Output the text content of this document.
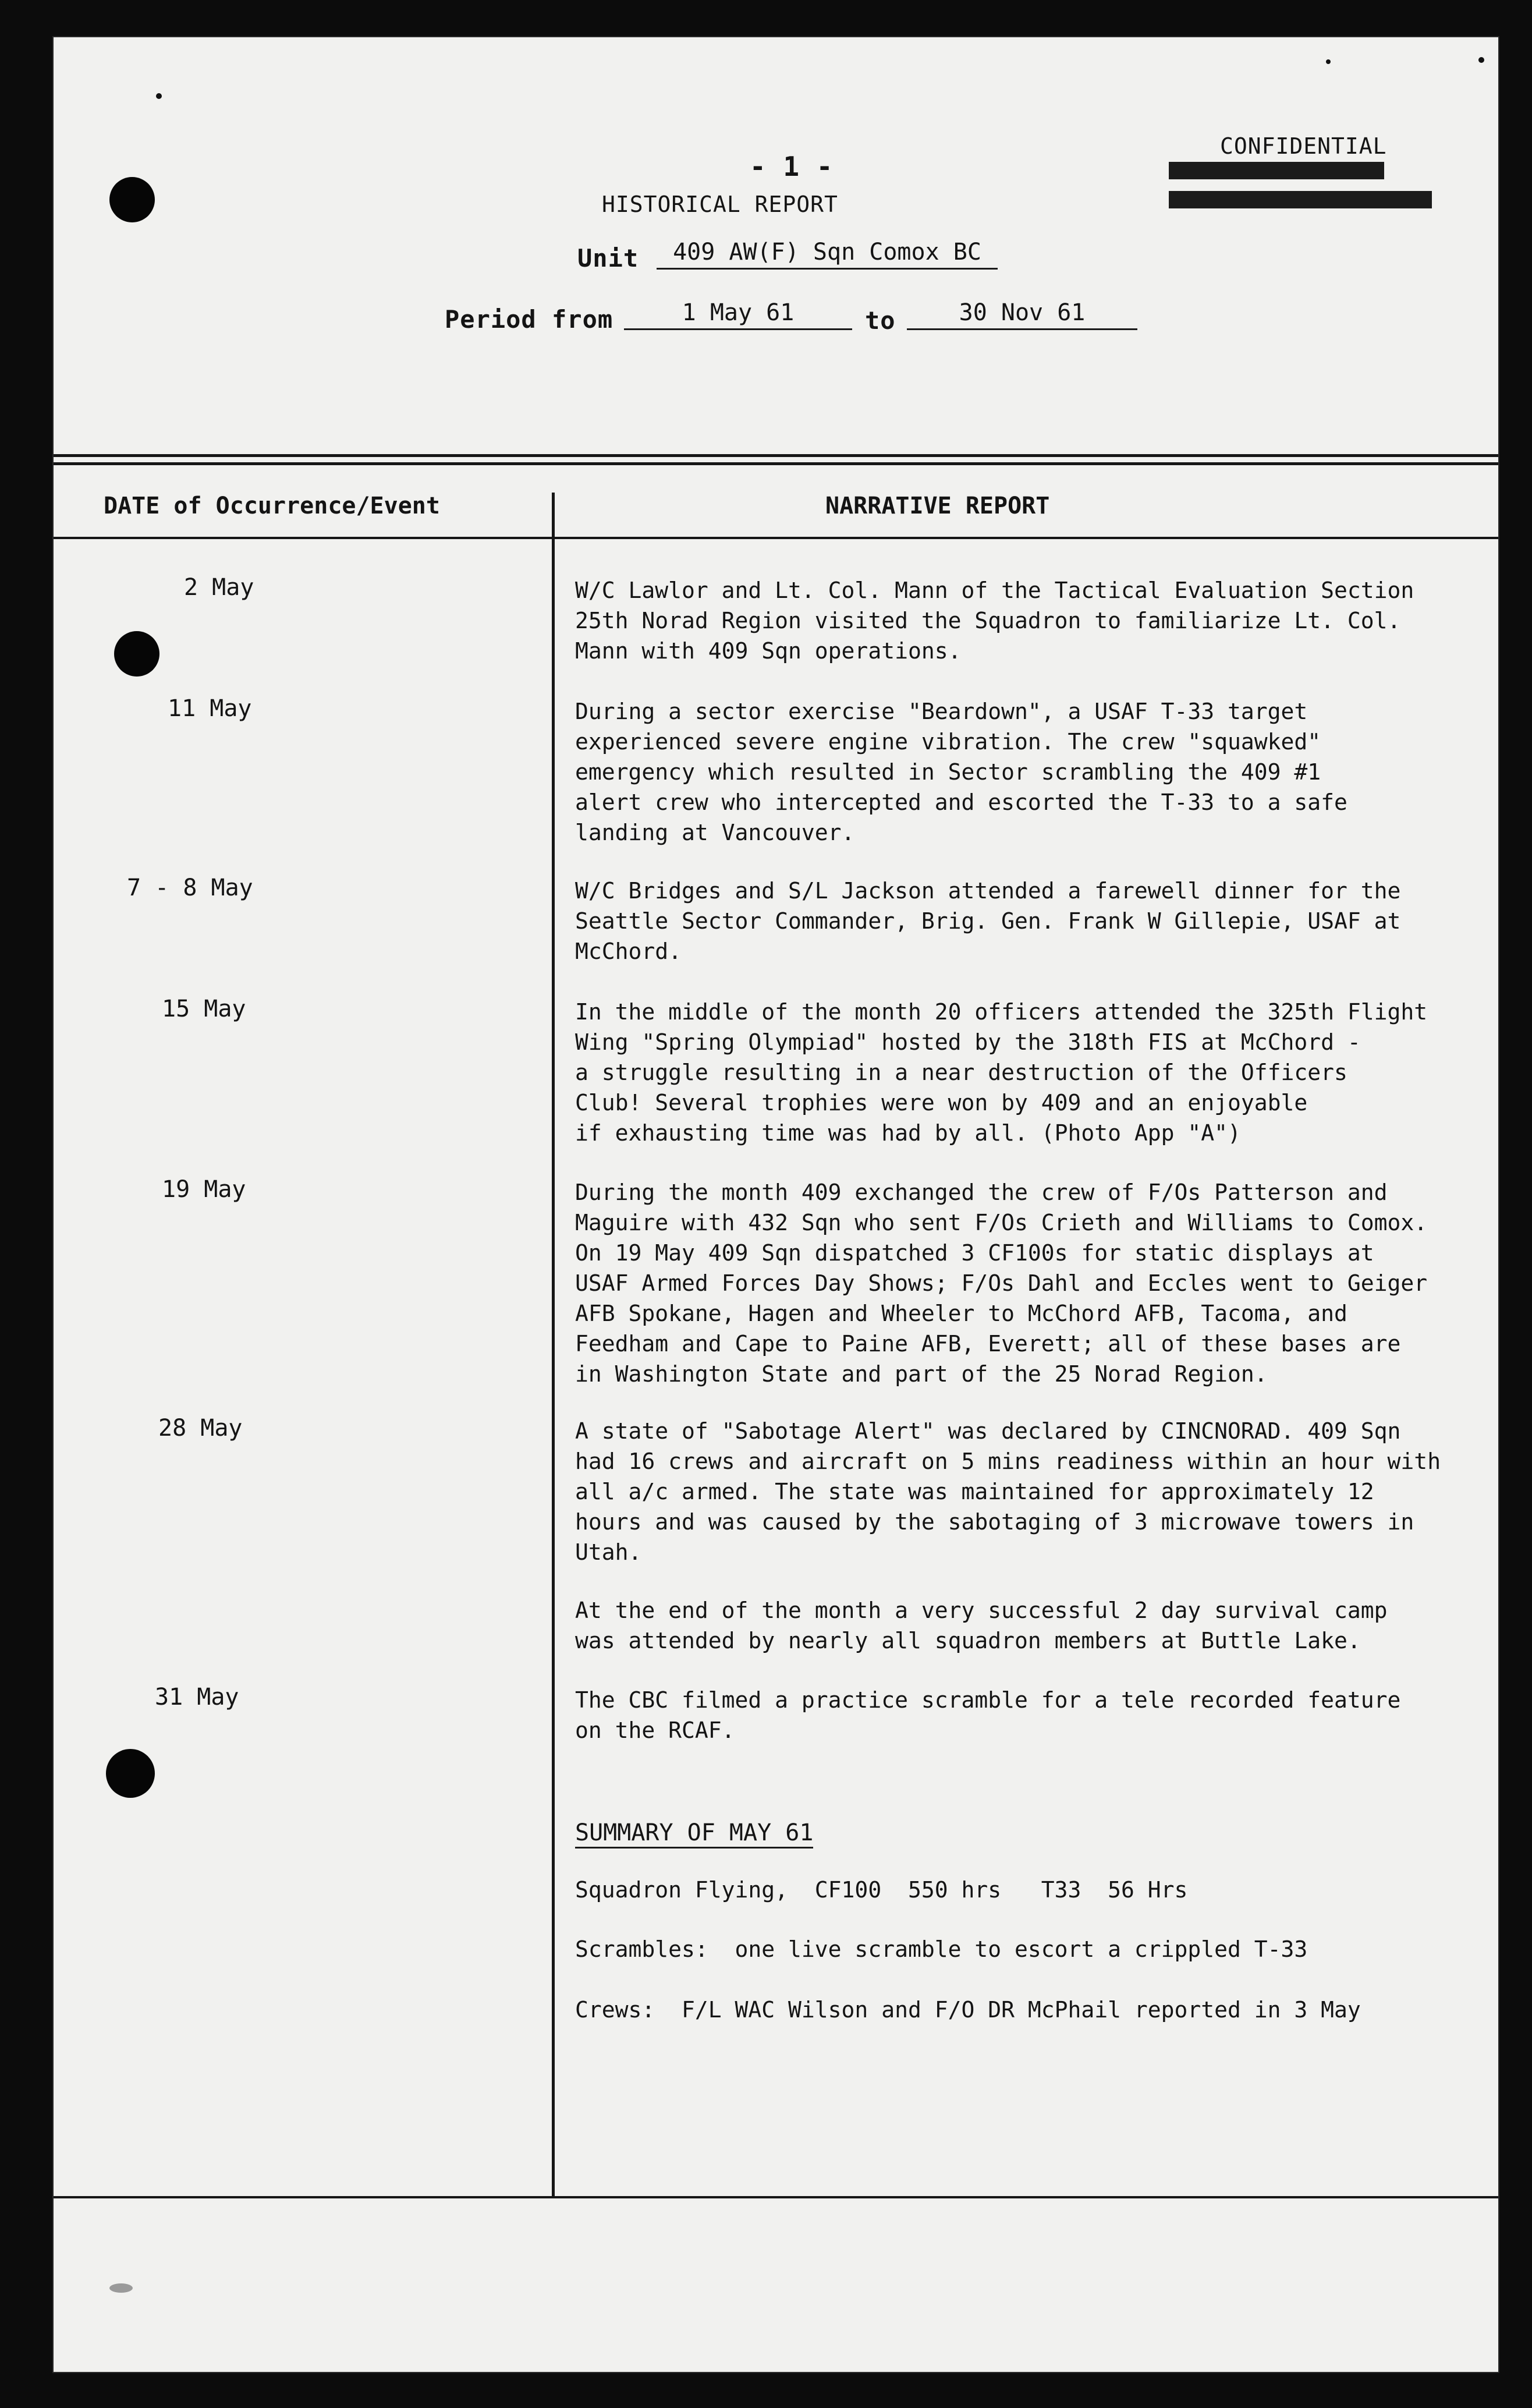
- 1 -
HISTORICAL REPORT
Unit	409 AW(F) Sqn Comox BC
Period from	1 May 61	to	30 Nov 61
CONFIDENTIAL
DATE of Occurrence/Event	NARRATIVE REPORT
2 May	W/C Lawlor and Lt. Col. Mann of the Tactical Evaluation Section
25th Norad Region visited the Squadron to familiarize Lt. Col.
Mann with 409 Sqn operations.
11 May	During a sector exercise "Beardown", a USAF T-33 target
experienced severe engine vibration. The crew "squawked"
emergency which resulted in Sector scrambling the 409 #1
alert crew who intercepted and escorted the T-33 to a safe
landing at Vancouver.
7 - 8 May	W/C Bridges and S/L Jackson attended a farewell dinner for the
Seattle Sector Commander, Brig. Gen. Frank W Gillepie, USAF at
McChord.
15 May	In the middle of the month 20 officers attended the 325th Flight
Wing "Spring Olympiad" hosted by the 318th FIS at McChord -
a struggle resulting in a near destruction of the Officers
Club! Several trophies were won by 409 and an enjoyable
if exhausting time was had by all. (Photo App "A")
19 May	During the month 409 exchanged the crew of F/Os Patterson and
Maguire with 432 Sqn who sent F/Os Crieth and Williams to Comox.
On 19 May 409 Sqn dispatched 3 CF100s for static displays at
USAF Armed Forces Day Shows; F/Os Dahl and Eccles went to Geiger
AFB Spokane, Hagen and Wheeler to McChord AFB, Tacoma, and
Feedham and Cape to Paine AFB, Everett; all of these bases are
in Washington State and part of the 25 Norad Region.
28 May	A state of "Sabotage Alert" was declared by CINCNORAD. 409 Sqn
had 16 crews and aircraft on 5 mins readiness within an hour with
all a/c armed. The state was maintained for approximately 12
hours and was caused by the sabotaging of 3 microwave towers in
Utah.
At the end of the month a very successful 2 day survival camp
was attended by nearly all squadron members at Buttle Lake.
31 May	The CBC filmed a practice scramble for a tele recorded feature
on the RCAF.
SUMMARY OF MAY 61
Squadron Flying,  CF100  550 hrs   T33  56 Hrs
Scrambles:  one live scramble to escort a crippled T-33
Crews:  F/L WAC Wilson and F/O DR McPhail reported in 3 May
